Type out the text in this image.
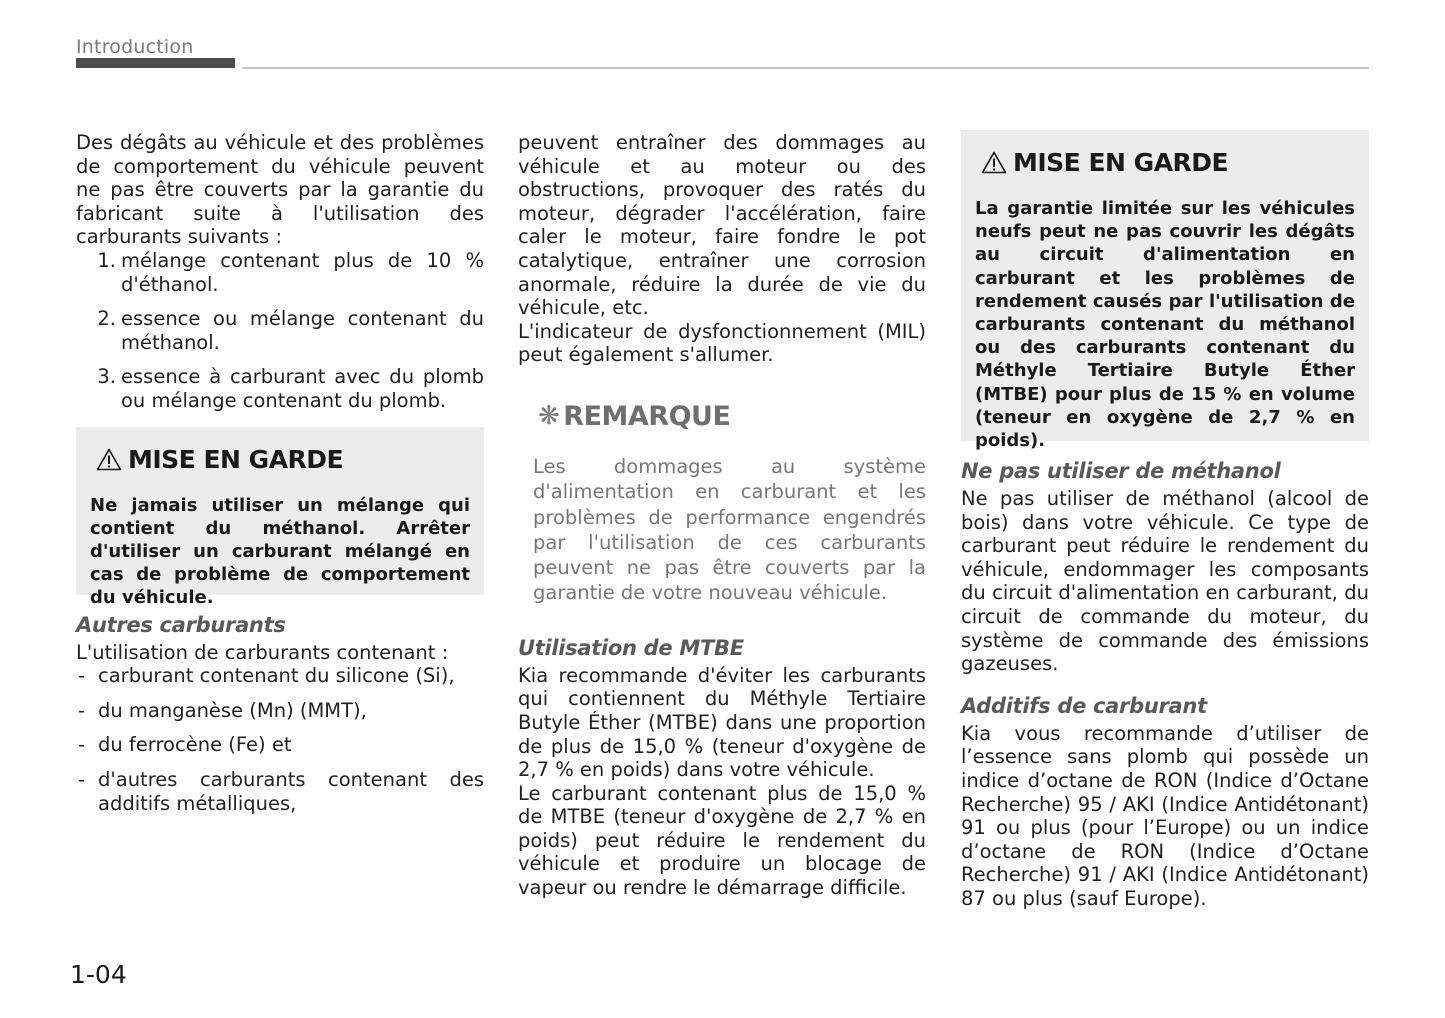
Introduction

Des dégâts au véhicule et des problèmes de comportement du véhicule peuvent ne pas être couverts par la garantie du fabricant suite à l'utilisation des carburants suivants :

1. mélange contenant plus de 10 % d'éthanol.
2. essence ou mélange contenant du méthanol.
3. essence à carburant avec du plomb ou mélange contenant du plomb.
MISE EN GARDE
Ne jamais utiliser un mélange qui contient du méthanol. Arrêter d'utiliser un carburant mélangé en cas de problème de comportement du véhicule.
Autres carburants

L'utilisation de carburants contenant :

- carburant contenant du silicone (Si),
- du manganèse (Mn) (MMT),
- du ferrocène (Fe) et
- d'autres carburants contenant des additifs métalliques,

peuvent entraîner des dommages au véhicule et au moteur ou des obstructions, provoquer des ratés du moteur, dégrader l'accélération, faire caler le moteur, faire fondre le pot catalytique, entraîner une corrosion anormale, réduire la durée de vie du véhicule, etc.

L'indicateur de dysfonctionnement (MIL) peut également s'allumer.

❋ REMARQUE
Les dommages au système d'alimentation en carburant et les problèmes de performance engendrés par l'utilisation de ces carburants peuvent ne pas être couverts par la garantie de votre nouveau véhicule.
Utilisation de MTBE

Kia recommande d'éviter les carburants qui contiennent du Méthyle Tertiaire Butyle Éther (MTBE) dans une proportion de plus de 15,0 % (teneur d'oxygène de 2,7 % en poids) dans votre véhicule.

Le carburant contenant plus de 15,0 % de MTBE (teneur d'oxygène de 2,7 % en poids) peut réduire le rendement du véhicule et produire un blocage de vapeur ou rendre le démarrage difficile.

MISE EN GARDE
La garantie limitée sur les véhicules neufs peut ne pas couvrir les dégâts au circuit d'alimentation en carburant et les problèmes de rendement causés par l'utilisation de carburants contenant du méthanol ou des carburants contenant du Méthyle Tertiaire Butyle Éther (MTBE) pour plus de 15 % en volume (teneur en oxygène de 2,7 % en poids).
Ne pas utiliser de méthanol

Ne pas utiliser de méthanol (alcool de bois) dans votre véhicule. Ce type de carburant peut réduire le rendement du véhicule, endommager les composants du circuit d'alimentation en carburant, du circuit de commande du moteur, du système de commande des émissions gazeuses.

Additifs de carburant

Kia vous recommande d’utiliser de l’essence sans plomb qui possède un indice d’octane de RON (Indice d’Octane Recherche) 95 / AKI (Indice Antidétonant) 91 ou plus (pour l’Europe) ou un indice d’octane de RON (Indice d’Octane Recherche) 91 / AKI (Indice Antidétonant) 87 ou plus (sauf Europe).

1-04
